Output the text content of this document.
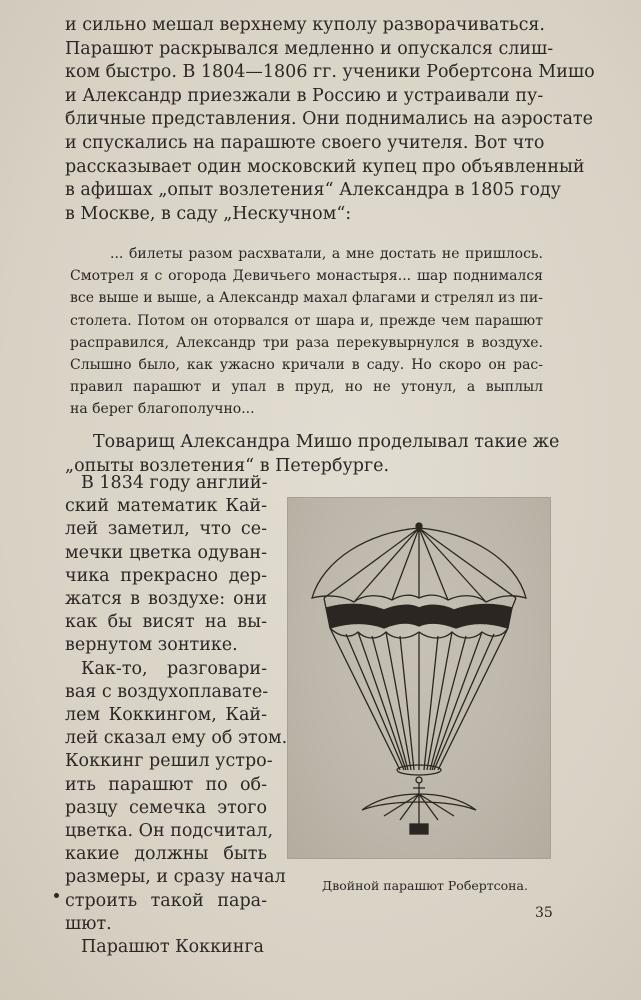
и сильно мешал верхнему куполу разворачиваться.
Парашют раскрывался медленно и опускался слиш-
ком быстро. В 1804—1806 гг. ученики Робертсона Мишо
и Александр приезжали в Россию и устраивали пу-
бличные представления. Они поднимались на аэростате
и спускались на парашюте своего учителя. Вот что
рассказывает один московский купец про объявленный
в афишах „опыт возлетения“ Александра в 1805 году
в Москве, в саду „Нескучном“:
... билеты разом расхватали, а мне достать не пришлось.
Смотрел я с огорода Девичьего монастыря... шар поднимался
все выше и выше, а Александр махал флагами и стрелял из пи-
столета. Потом он оторвался от шара и, прежде чем парашют
расправился, Александр три раза перекувырнулся в воздухе.
Слышно было, как ужасно кричали в саду. Но скоро он рас-
правил парашют и упал в пруд, но не утонул, а выплыл
на берег благополучно...
Товарищ Александра Мишо проделывал такие же
„опыты возлетения“ в Петербурге.
В 1834 году англий-
ский математик Кай-
лей заметил, что се-
мечки цветка одуван-
чика прекрасно дер-
жатся в воздухе: они
как бы висят на вы-
вернутом зонтике.
Как-то, разговари-
вая с воздухоплавате-
лем Коккингом, Кай-
лей сказал ему об этом.
Коккинг решил устро-
ить парашют по об-
разцу семечка этого
цветка. Он подсчитал,
какие должны быть
размеры, и сразу начал
строить такой пара-
шют.
Парашют Коккинга
Двойной парашют Робертсона.
35
